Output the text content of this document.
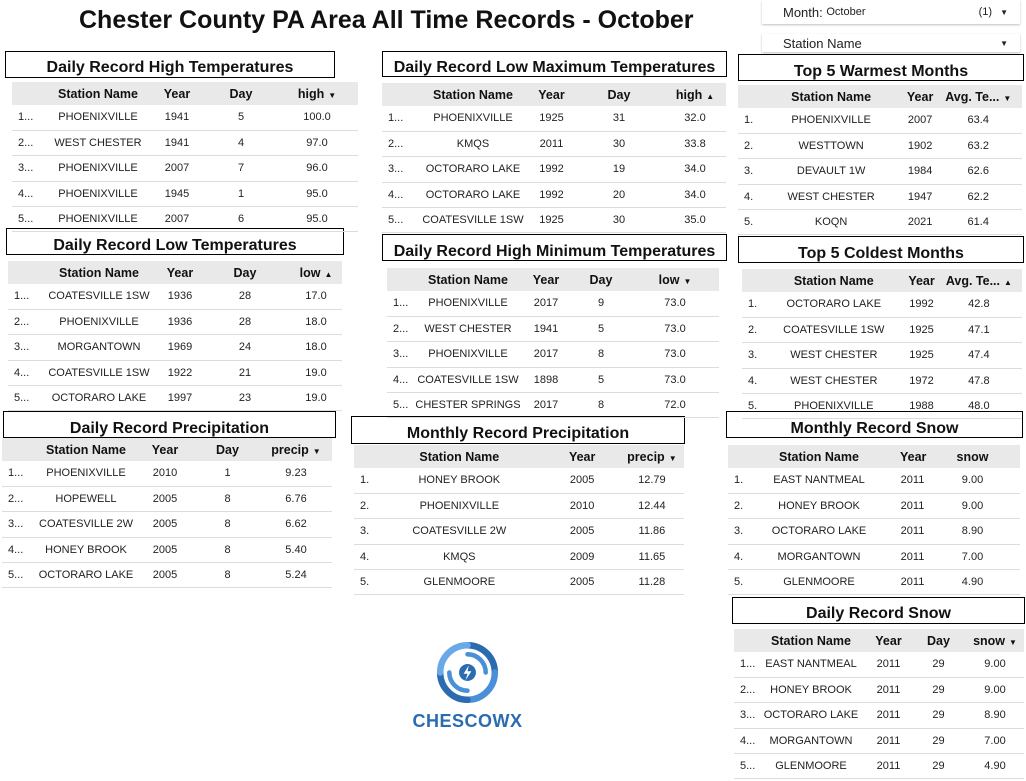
Chester County PA Area All Time Records - October	Month:
October	(1) ▼
Station Name	▼
Daily Record High Temperatures
Daily Record Low Temperatures
Daily Record Precipitation
Daily Record Low Maximum Temperatures
Daily Record High Minimum Temperatures
Monthly Record Precipitation
Top 5 Warmest Months
Top 5 Coldest Months
Monthly Record Snow
Daily Record Snow
	Station Name	Year	Day	high ▼
1...	PHOENIXVILLE	1941	5	100.0
2...	WEST CHESTER	1941	4	97.0
3...	PHOENIXVILLE	2007	7	96.0
4...	PHOENIXVILLE	1945	1	95.0
5...	PHOENIXVILLE	2007	6	95.0
	Station Name	Year	Day	low ▲
1...	COATESVILLE 1SW	1936	28	17.0
2...	PHOENIXVILLE	1936	28	18.0
3...	MORGANTOWN	1969	24	18.0
4...	COATESVILLE 1SW	1922	21	19.0
5...	OCTORARO LAKE	1997	23	19.0
	Station Name	Year	Day	precip ▼
1...	PHOENIXVILLE	2010	1	9.23
2...	HOPEWELL	2005	8	6.76
3...	COATESVILLE 2W	2005	8	6.62
4...	HONEY BROOK	2005	8	5.40
5...	OCTORARO LAKE	2005	8	5.24
	Station Name	Year	Day	high ▲
1...	PHOENIXVILLE	1925	31	32.0
2...	KMQS	2011	30	33.8
3...	OCTORARO LAKE	1992	19	34.0
4...	OCTORARO LAKE	1992	20	34.0
5...	COATESVILLE 1SW	1925	30	35.0
	Station Name	Year	Day	low ▼
1...	PHOENIXVILLE	2017	9	73.0
2...	WEST CHESTER	1941	5	73.0
3...	PHOENIXVILLE	2017	8	73.0
4...	COATESVILLE 1SW	1898	5	73.0
5...	CHESTER SPRINGS	2017	8	72.0
	Station Name	Year	precip ▼
1.	HONEY BROOK	2005	12.79
2.	PHOENIXVILLE	2010	12.44
3.	COATESVILLE 2W	2005	11.86
4.	KMQS	2009	11.65
5.	GLENMOORE	2005	11.28
	Station Name	Year	Avg. Te... ▼
1.	PHOENIXVILLE	2007	63.4
2.	WESTTOWN	1902	63.2
3.	DEVAULT 1W	1984	62.6
4.	WEST CHESTER	1947	62.2
5.	KOQN	2021	61.4
	Station Name	Year	Avg. Te... ▲
1.	OCTORARO LAKE	1992	42.8
2.	COATESVILLE 1SW	1925	47.1
3.	WEST CHESTER	1925	47.4
4.	WEST CHESTER	1972	47.8
5.	PHOENIXVILLE	1988	48.0
	Station Name	Year	snow
1.	EAST NANTMEAL	2011	9.00
2.	HONEY BROOK	2011	9.00
3.	OCTORARO LAKE	2011	8.90
4.	MORGANTOWN	2011	7.00
5.	GLENMOORE	2011	4.90
	Station Name	Year	Day	snow ▼
1...	EAST NANTMEAL	2011	29	9.00
2...	HONEY BROOK	2011	29	9.00
3...	OCTORARO LAKE	2011	29	8.90
4...	MORGANTOWN	2011	29	7.00
5...	GLENMOORE	2011	29	4.90
CHESCOWX
